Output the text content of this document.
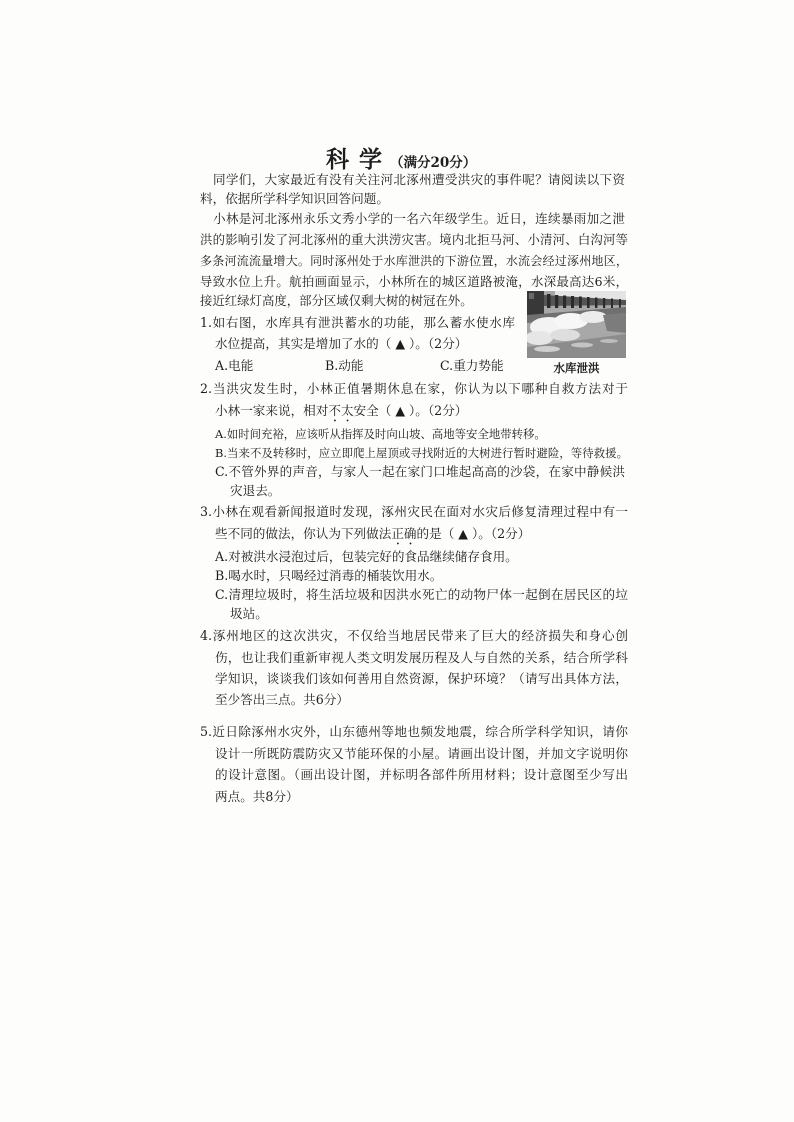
科 学 （满分20分）
同学们，大家最近有没有关注河北涿州遭受洪灾的事件呢？请阅读以下资
料，依据所学科学知识回答问题。
小林是河北涿州永乐文秀小学的一名六年级学生。近日，连续暴雨加之泄
洪的影响引发了河北涿州的重大洪涝灾害。境内北拒马河、小清河、白沟河等
多条河流流量增大。同时涿州处于水库泄洪的下游位置，水流会经过涿州地区，
导致水位上升。航拍画面显示，小林所在的城区道路被淹，水深最高达6米，
接近红绿灯高度，部分区域仅剩大树的树冠在外。
水库泄洪
1.如右图，水库具有泄洪蓄水的功能，那么蓄水使水库
水位提高，其实是增加了水的（ ▲ ）。（2分）
A.电能	B.动能	C.重力势能
2.当洪灾发生时，小林正值暑期休息在家，你认为以下哪种自救方法对于
小林一家来说，相对不太安全（ ▲ ）。（2分）
A.如时间充裕，应该听从指挥及时向山坡、高地等安全地带转移。
B.当来不及转移时，应立即爬上屋顶或寻找附近的大树进行暂时避险，等待救援。
C.不管外界的声音，与家人一起在家门口堆起高高的沙袋，在家中静候洪
灾退去。
3.小林在观看新闻报道时发现，涿州灾民在面对水灾后修复清理过程中有一
些不同的做法，你认为下列做法正确的是（ ▲ ）。（2分）
A.对被洪水浸泡过后，包装完好的食品继续储存食用。
B.喝水时，只喝经过消毒的桶装饮用水。
C.清理垃圾时，将生活垃圾和因洪水死亡的动物尸体一起倒在居民区的垃
圾站。
4.涿州地区的这次洪灾，不仅给当地居民带来了巨大的经济损失和身心创
伤，也让我们重新审视人类文明发展历程及人与自然的关系，结合所学科
学知识，谈谈我们该如何善用自然资源，保护环境？（请写出具体方法，
至少答出三点。共6分）
5.近日除涿州水灾外，山东德州等地也频发地震，综合所学科学知识，请你
设计一所既防震防灾又节能环保的小屋。请画出设计图，并加文字说明你
的设计意图。（画出设计图，并标明各部件所用材料；设计意图至少写出
两点。共8分）
